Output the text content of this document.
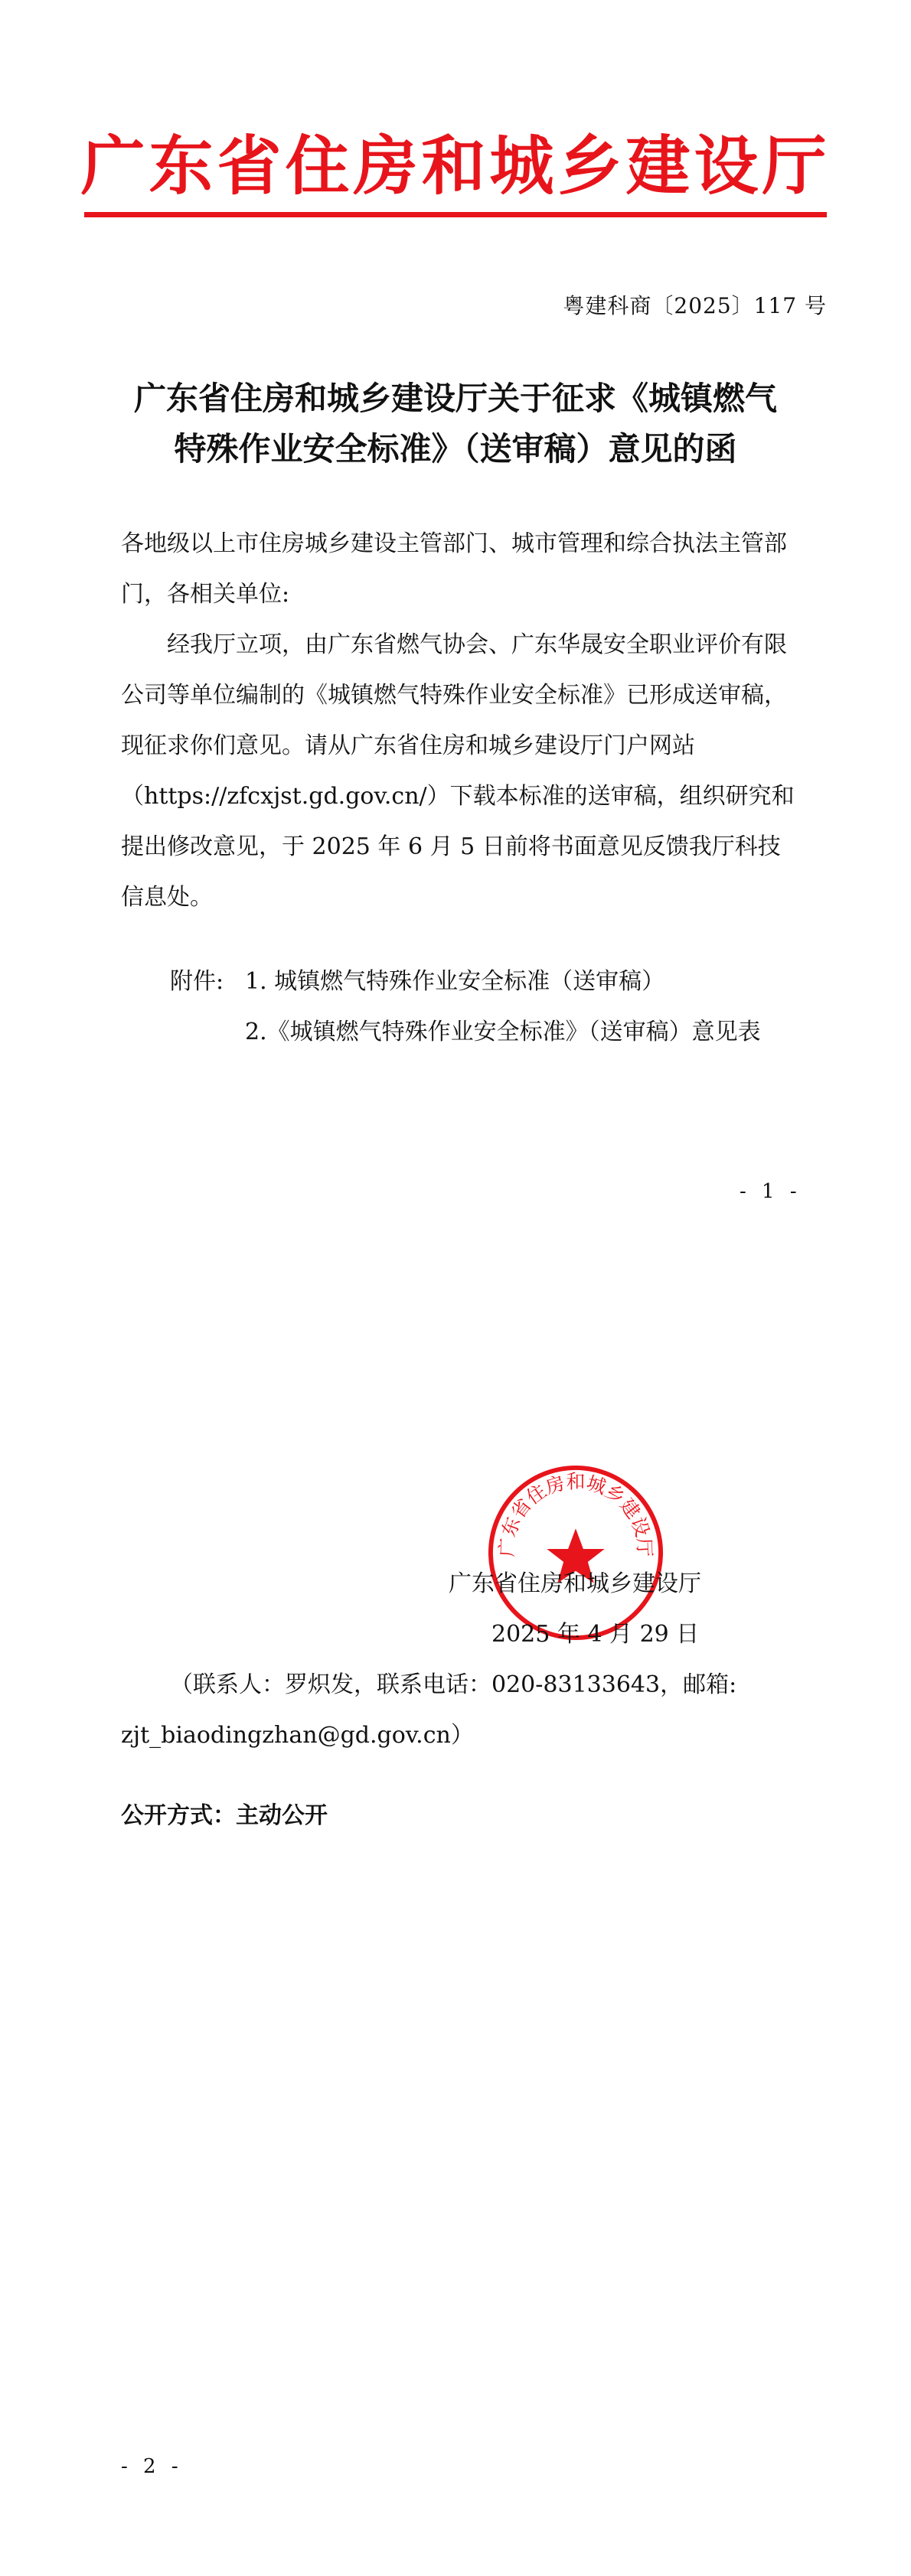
广东省住房和城乡建设厅
粤建科商〔2025〕117 号
广东省住房和城乡建设厅关于征求《城镇燃气
特殊作业安全标准》（送审稿）意见的函

各地级以上市住房城乡建设主管部门、城市管理和综合执法主管部门，各相关单位:

经我厅立项，由广东省燃气协会、广东华晟安全职业评价有限公司等单位编制的《城镇燃气特殊作业安全标准》已形成送审稿，现征求你们意见。请从广东省住房和城乡建设厅门户网站（https://zfcxjst.gd.gov.cn/）下载本标准的送审稿，组织研究和提出修改意见，于 2025 年 6 月 5 日前将书面意见反馈我厅科技信息处。

附件: 1. 城镇燃气特殊作业安全标准（送审稿）
2.《城镇燃气特殊作业安全标准》（送审稿）意见表
- 1 -
广东省住房和城乡建设厅
广东省住房和城乡建设厅
2025 年 4 月 29 日
（联系人：罗炽发，联系电话：020-83133643，邮箱:
zjt_biaodingzhan@gd.gov.cn）
公开方式：主动公开
- 2 -
